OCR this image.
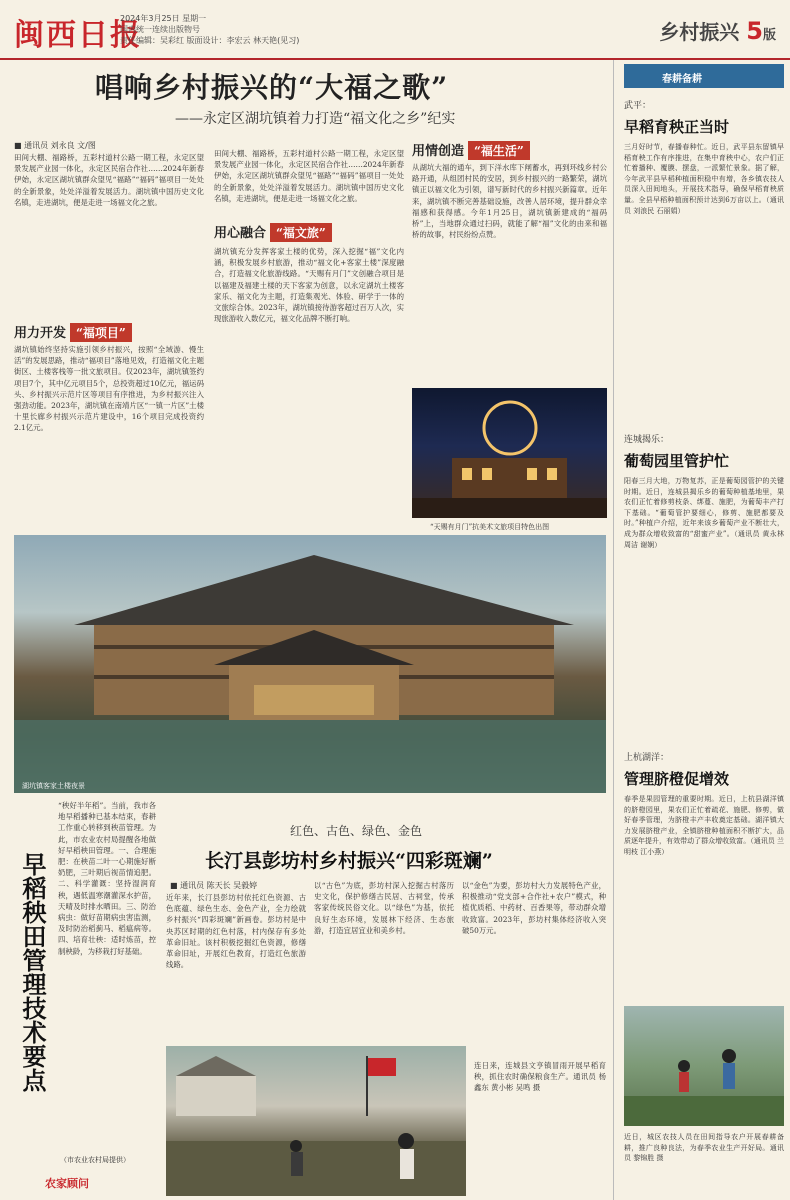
闽西日报
2024年3月25日 星期一
国内统一连续出版物号
责任编辑：吴彩红 版面设计：李宏云 林天艳(见习)	乡村振兴 5版
唱响乡村振兴的“大福之歌”
——永定区湖坑镇着力打造“福文化之乡”纪实
■ 通讯员 刘永良 文/图
田间大棚、福路桥，五彩村道村公路一期工程，永定区望景发展产业园一体化，永定区民宿合作社……2024年新春伊始，永定区湖坑镇群众望见“福路”“福码”福项目一处处的全新景象，处处洋溢着发展活力。湖坑镇中国历史文化名镇，走进湖坑，便是走进一场福文化之旅。
用力开发 “福项目”
湖坑镇始终坚持实施引领乡村振兴，按照“全域游、慢生活”的发展思路，推动“福项目”落地见效，打造福文化主题街区、土楼客栈等一批文旅项目。仅2023年，湖坑镇签约项目7个，其中亿元项目5个，总投资超过10亿元，福运码头、乡村振兴示范片区等项目有序推进，为乡村振兴注入强劲动能。2023年，湖坑镇在南靖片区“一镇一片区”土楼十里长廊乡村振兴示范片建设中，16个项目完成投资约2.1亿元。
用心融合 “福文旅”
田间大棚、福路桥，五彩村道村公路一期工程，永定区望景发展产业园一体化，永定区民宿合作社……2024年新春伊始，永定区湖坑镇群众望见“福路”“福码”福项目一处处的全新景象，处处洋溢着发展活力。湖坑镇中国历史文化名镇，走进湖坑，便是走进一场福文化之旅。
湖坑镇充分发挥客家土楼的优势，深入挖掘“福”文化内涵，积极发展乡村旅游，推动“福文化+客家土楼”深度融合，打造福文化旅游线路。“天赐有月门”文创融合项目是以福建及福建土楼的天下客家为创意，以永定湖坑土楼客家乐、福文化为主题，打造集观光、体验、研学于一体的文旅综合体。2023年，湖坑镇接待游客超过百万人次，实现旅游收入数亿元，福文化品牌不断打响。
用情创造 “福生活”
从湖坑大福的通车，到下洋水库下闸蓄水，再到环线乡村公路开通，从组团村民的安居，到乡村振兴的一路繁荣，湖坑镇正以福文化为引领，谱写新时代的乡村振兴新篇章。近年来，湖坑镇不断完善基础设施，改善人居环境，提升群众幸福感和获得感。今年1月25日，湖坑镇新建成的“福码桥”上，当地群众通过扫码，就能了解“福”文化的由来和福桥的故事，村民纷纷点赞。
“天赐有月门”抗美术文旅项目特色出图
湖坑镇客家土楼夜景
早稻秧田管理技术要点
“秧好半年稻”。当前，我市各地早稻播种已基本结束，春耕工作重心转移到秧苗管理。为此，市农业农村局提醒各地做好早稻秧田管理。一、合理施肥：在秧苗二叶一心期施好断奶肥，三叶期后视苗情追肥。二、科学灌溉：坚持湿润育秧，遇低温寒潮灌深水护苗，天晴及时排水晒田。三、防治病虫：做好苗期病虫害监测，及时防治稻蓟马、稻瘟病等。四、培育壮秧：适时炼苗，控制秧龄，为移栽打好基础。
（市农业农村局提供）
农家顾问
红色、古色、绿色、金色
长汀县彭坊村乡村振兴“四彩斑斓”
■ 通讯员 陈天长 吴毅婷
近年来，长汀县彭坊村依托红色资源、古色底蕴、绿色生态、金色产业，全力绘就乡村振兴“四彩斑斓”新画卷。彭坊村是中央苏区时期的红色村落，村内保存有多处革命旧址。该村积极挖掘红色资源，修缮革命旧址，开展红色教育，打造红色旅游线路。
以“古色”为底，彭坊村深入挖掘古村落历史文化，保护修缮古民居、古祠堂，传承客家传统民俗文化。以“绿色”为基，依托良好生态环境，发展林下经济、生态旅游，打造宜居宜业和美乡村。
以“金色”为要，彭坊村大力发展特色产业，积极推动“党支部+合作社+农户”模式，种植优质稻、中药材、百香果等，带动群众增收致富。2023年，彭坊村集体经济收入突破50万元。
连日来，连城县文亨镇冒雨开展早稻育秧，抓住农时确保粮食生产。通讯员 杨鑫东 黄小彬 吴鸣 摄
春耕备耕
武平：
早稻育秧正当时
三月好时节，春播春种忙。近日，武平县东留镇早稻育秧工作有序推进，在集中育秧中心，农户们正忙着播种、覆膜、摆盘，一派繁忙景象。据了解，今年武平县早稻种植面积稳中有增，各乡镇农技人员深入田间地头，开展技术指导，确保早稻育秧质量。全县早稻种植面积预计达到6万亩以上。（通讯员 刘浪民 石丽娟）
连城揭乐：
葡萄园里管护忙
阳春三月大地，万物复苏，正是葡萄园管护的关键时期。近日，连城县揭乐乡的葡萄种植基地里，果农们正忙着修剪枝条、绑蔓、施肥，为葡萄丰产打下基础。“葡萄管护要细心，修剪、施肥都要及时。”种植户介绍，近年来该乡葡萄产业不断壮大，成为群众增收致富的“甜蜜产业”。（通讯员 黄永林 周洁 谢娴）
上杭湖洋：
管理脐橙促增效
春季是果园管理的重要时期。近日，上杭县湖洋镇的脐橙园里，果农们正忙着疏花、施肥、修剪，做好春季管理，为脐橙丰产丰收奠定基础。湖洋镇大力发展脐橙产业，全镇脐橙种植面积不断扩大，品质逐年提升，有效带动了群众增收致富。（通讯员 兰明枝 江小燕）
近日，城区农技人员在田间指导农户开展春耕备耕，推广良种良法，为春季农业生产开好局。通讯员 黎锦胜 摄
